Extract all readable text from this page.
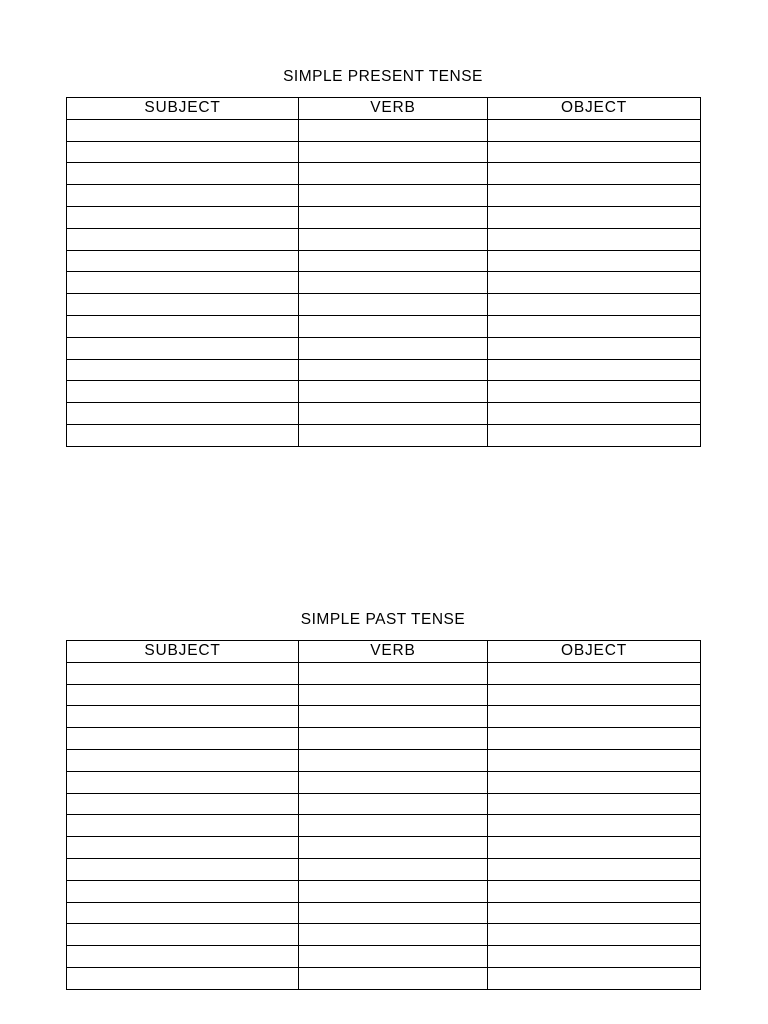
SIMPLE PRESENT TENSE
SUBJECT	VERB	OBJECT

SIMPLE PAST TENSE
SUBJECT	VERB	OBJECT
